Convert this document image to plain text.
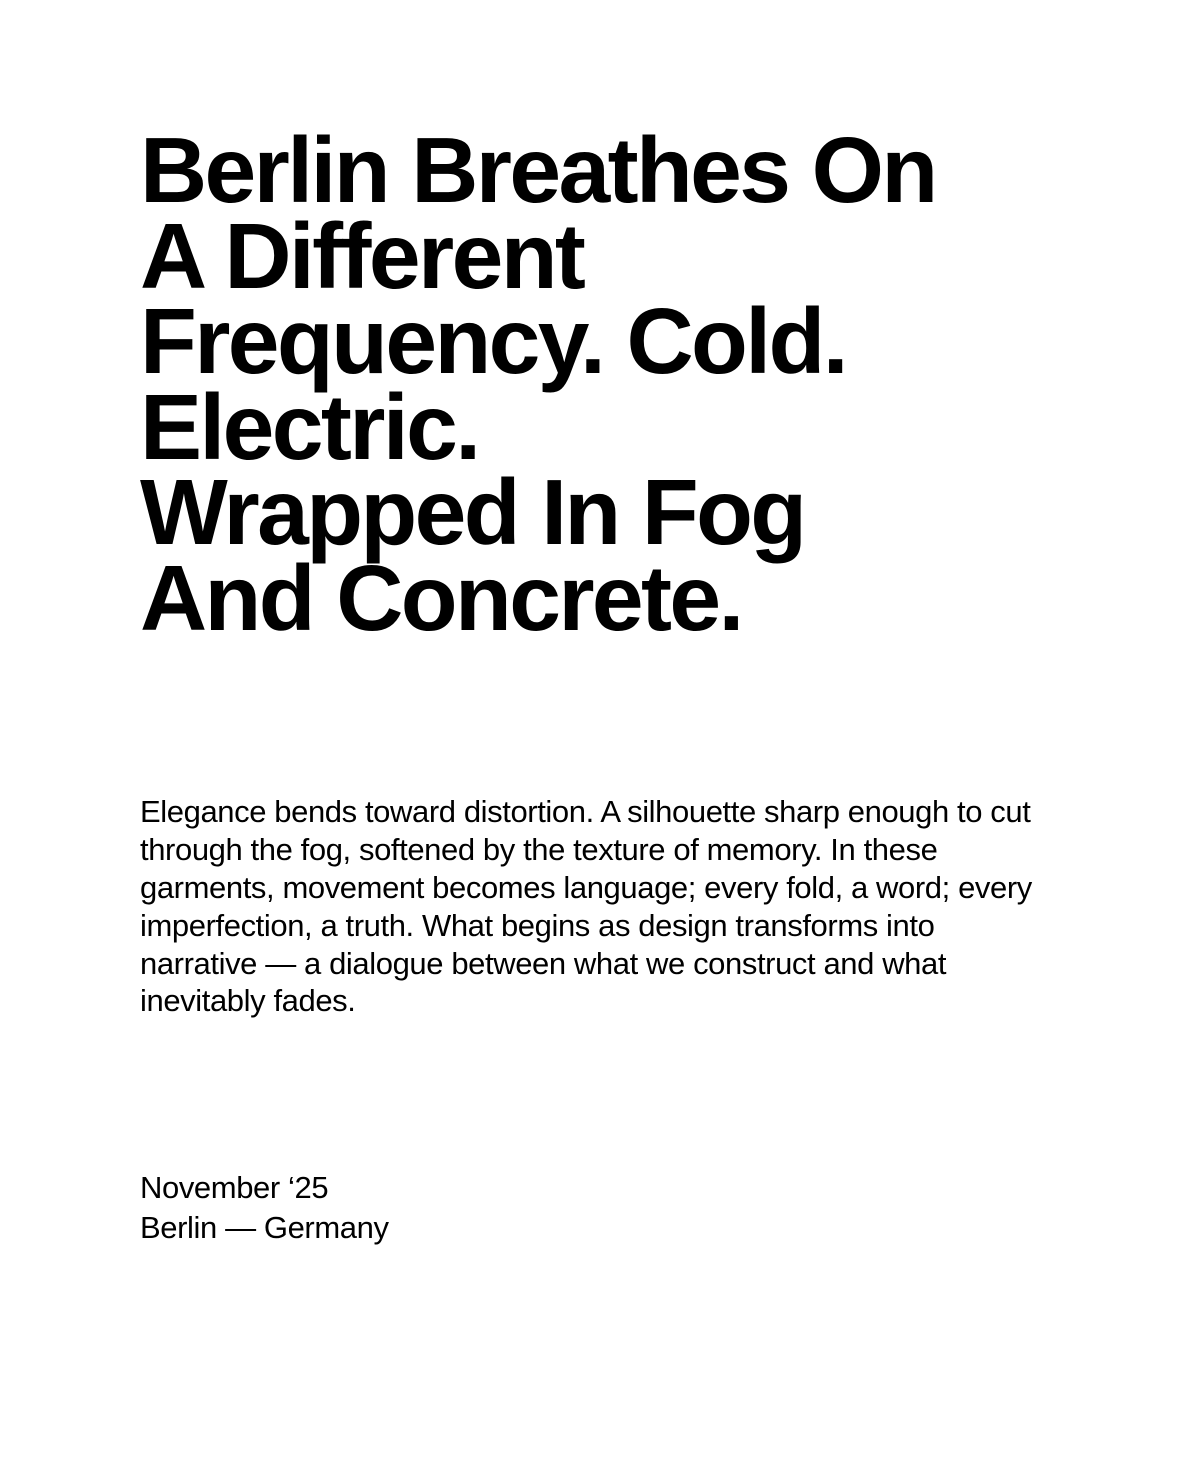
Berlin Breathes On
A Different
Frequency. Cold.
Electric.
Wrapped In Fog
And Concrete.

Elegance bends toward distortion. A silhouette sharp enough to cut through the fog, softened by the texture of memory. In these garments, movement becomes language; every fold, a word; every imperfection, a truth. What begins as design transforms into narrative — a dialogue between what we construct and what inevitably fades.

November ‘25
Berlin — Germany
